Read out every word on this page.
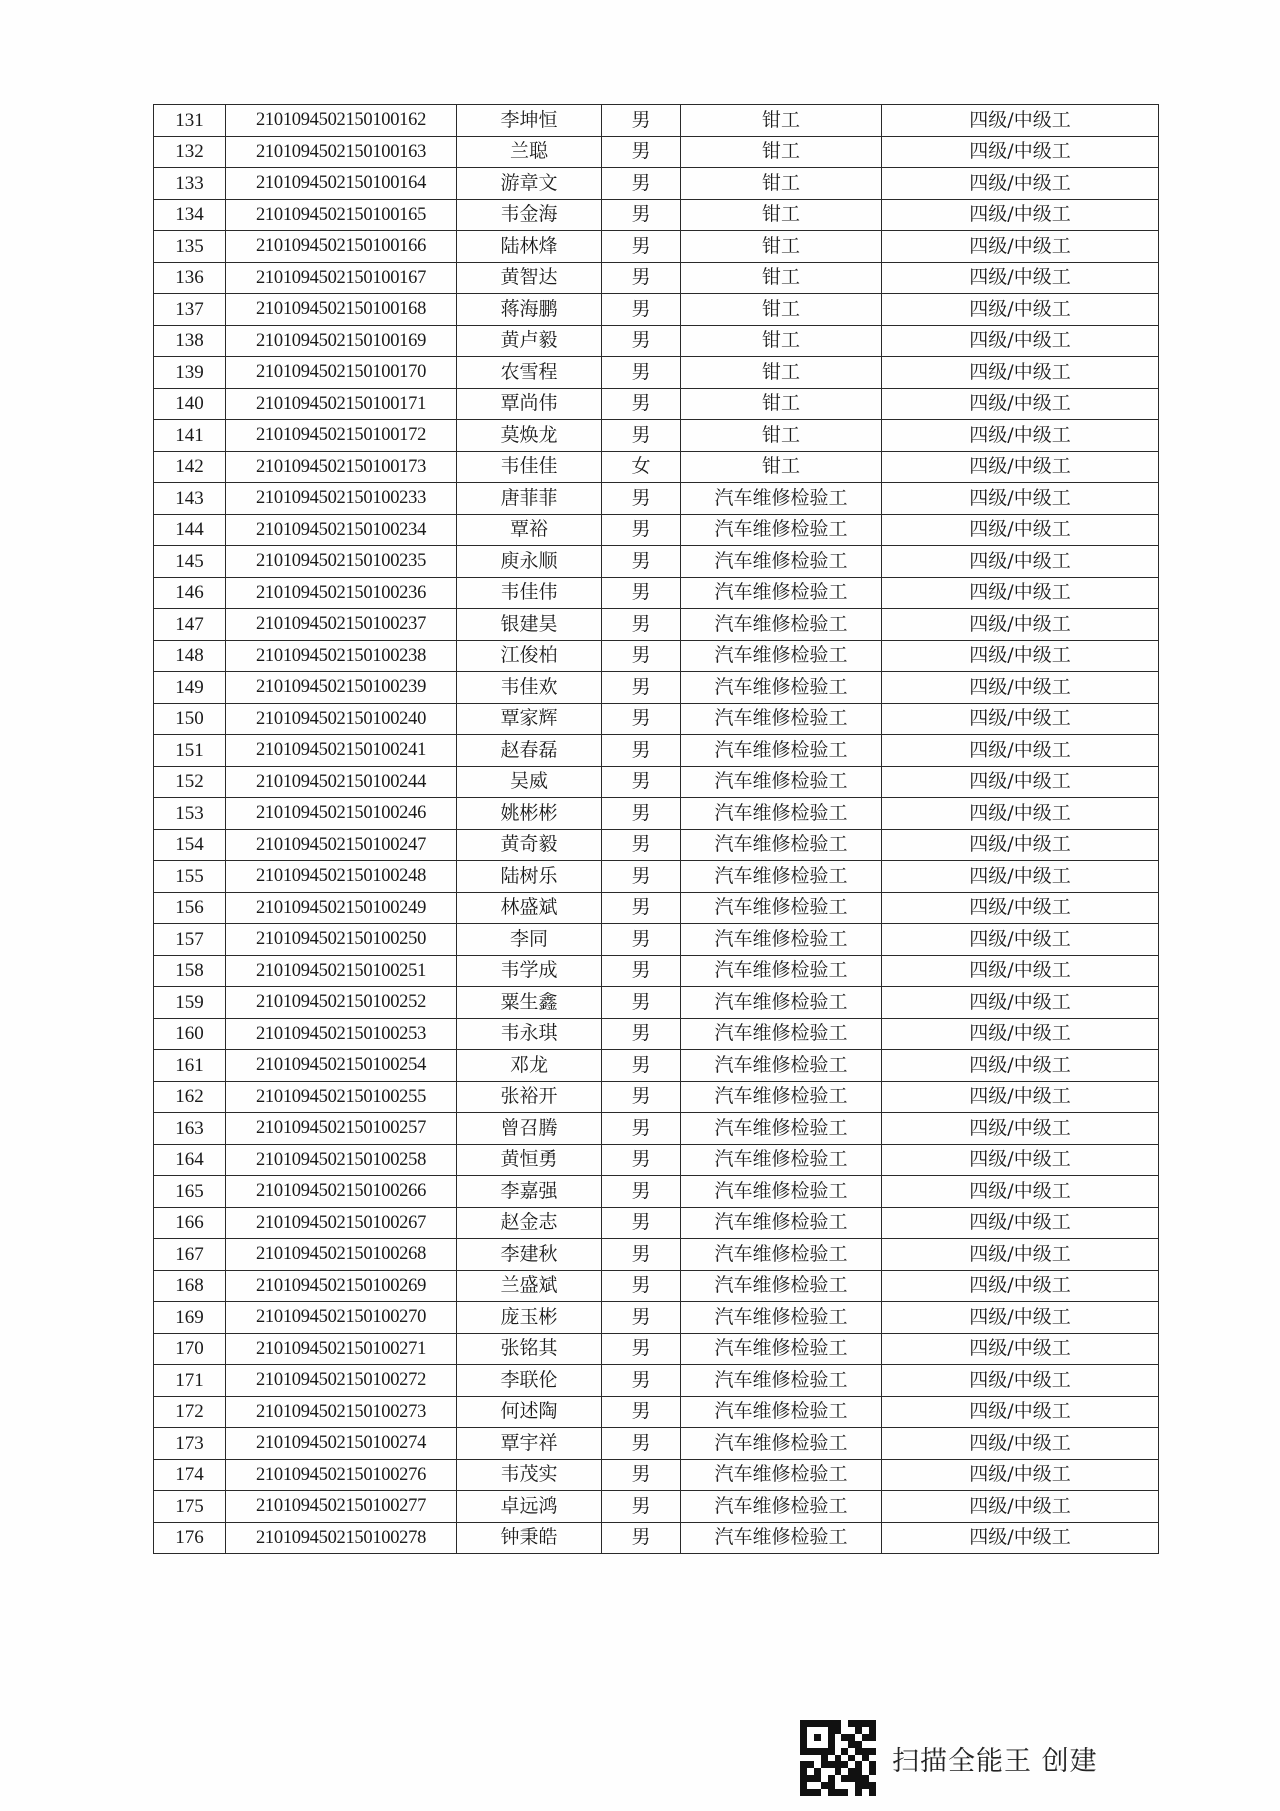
131	2101094502150100162	李坤恒	男	钳工	四级/中级工
132	2101094502150100163	兰聪	男	钳工	四级/中级工
133	2101094502150100164	游章文	男	钳工	四级/中级工
134	2101094502150100165	韦金海	男	钳工	四级/中级工
135	2101094502150100166	陆林烽	男	钳工	四级/中级工
136	2101094502150100167	黄智达	男	钳工	四级/中级工
137	2101094502150100168	蒋海鹏	男	钳工	四级/中级工
138	2101094502150100169	黄卢毅	男	钳工	四级/中级工
139	2101094502150100170	农雪程	男	钳工	四级/中级工
140	2101094502150100171	覃尚伟	男	钳工	四级/中级工
141	2101094502150100172	莫焕龙	男	钳工	四级/中级工
142	2101094502150100173	韦佳佳	女	钳工	四级/中级工
143	2101094502150100233	唐菲菲	男	汽车维修检验工	四级/中级工
144	2101094502150100234	覃裕	男	汽车维修检验工	四级/中级工
145	2101094502150100235	庾永顺	男	汽车维修检验工	四级/中级工
146	2101094502150100236	韦佳伟	男	汽车维修检验工	四级/中级工
147	2101094502150100237	银建昊	男	汽车维修检验工	四级/中级工
148	2101094502150100238	江俊柏	男	汽车维修检验工	四级/中级工
149	2101094502150100239	韦佳欢	男	汽车维修检验工	四级/中级工
150	2101094502150100240	覃家辉	男	汽车维修检验工	四级/中级工
151	2101094502150100241	赵春磊	男	汽车维修检验工	四级/中级工
152	2101094502150100244	吴威	男	汽车维修检验工	四级/中级工
153	2101094502150100246	姚彬彬	男	汽车维修检验工	四级/中级工
154	2101094502150100247	黄奇毅	男	汽车维修检验工	四级/中级工
155	2101094502150100248	陆树乐	男	汽车维修检验工	四级/中级工
156	2101094502150100249	林盛斌	男	汽车维修检验工	四级/中级工
157	2101094502150100250	李同	男	汽车维修检验工	四级/中级工
158	2101094502150100251	韦学成	男	汽车维修检验工	四级/中级工
159	2101094502150100252	粟生鑫	男	汽车维修检验工	四级/中级工
160	2101094502150100253	韦永琪	男	汽车维修检验工	四级/中级工
161	2101094502150100254	邓龙	男	汽车维修检验工	四级/中级工
162	2101094502150100255	张裕开	男	汽车维修检验工	四级/中级工
163	2101094502150100257	曾召腾	男	汽车维修检验工	四级/中级工
164	2101094502150100258	黄恒勇	男	汽车维修检验工	四级/中级工
165	2101094502150100266	李嘉强	男	汽车维修检验工	四级/中级工
166	2101094502150100267	赵金志	男	汽车维修检验工	四级/中级工
167	2101094502150100268	李建秋	男	汽车维修检验工	四级/中级工
168	2101094502150100269	兰盛斌	男	汽车维修检验工	四级/中级工
169	2101094502150100270	庞玉彬	男	汽车维修检验工	四级/中级工
170	2101094502150100271	张铭其	男	汽车维修检验工	四级/中级工
171	2101094502150100272	李联伦	男	汽车维修检验工	四级/中级工
172	2101094502150100273	何述陶	男	汽车维修检验工	四级/中级工
173	2101094502150100274	覃宇祥	男	汽车维修检验工	四级/中级工
174	2101094502150100276	韦茂实	男	汽车维修检验工	四级/中级工
175	2101094502150100277	卓远鸿	男	汽车维修检验工	四级/中级工
176	2101094502150100278	钟秉皓	男	汽车维修检验工	四级/中级工
扫描全能王 创建
